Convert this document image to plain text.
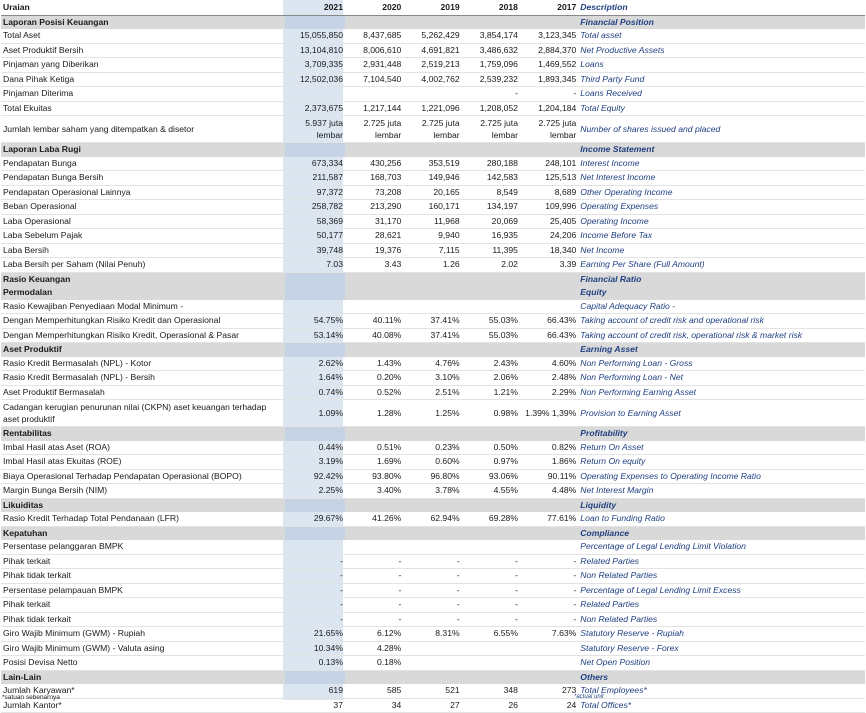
Uraian	2021	2020	2019	2018	2017	Description
Laporan Posisi Keuangan						Financial Position
Total Aset	15,055,850	8,437,685	5,262,429	3,854,174	3,123,345	Total asset
Aset Produktif Bersih	13,104,810	8,006,610	4,691,821	3,486,632	2,884,370	Net Productive Assets
Pinjaman yang Diberikan	3,709,335	2,931,448	2,519,213	1,759,096	1,469,552	Loans
Dana Pihak Ketiga	12,502,036	7,104,540	4,002,762	2,539,232	1,893,345	Third Party Fund
Pinjaman Diterima				-	-	Loans Received
Total Ekuitas	2,373,675	1,217,144	1,221,096	1,208,052	1,204,184	Total Equity
Jumlah lembar saham yang ditempatkan & disetor	5.937 juta lembar	2.725 juta lembar	2.725 juta lembar	2.725 juta lembar	2.725 juta lembar	Number of shares issued and placed
Laporan Laba Rugi						Income Statement
Pendapatan Bunga	673,334	430,256	353,519	280,188	248,101	Interest Income
Pendapatan Bunga Bersih	211,587	168,703	149,946	142,583	125,513	Net Interest Income
Pendapatan Operasional Lainnya	97,372	73,208	20,165	8,549	8,689	Other Operating Income
Beban Operasional	258,782	213,290	160,171	134,197	109,996	Operating Expenses
Laba Operasional	58,369	31,170	11,968	20,069	25,405	Operating Income
Laba Sebelum Pajak	50,177	28,621	9,940	16,935	24,206	Income Before Tax
Laba Bersih	39,748	19,376	7,115	11,395	18,340	Net Income
Laba Bersih per Saham (Nilai Penuh)	7.03	3.43	1.26	2.02	3.39	Earning Per Share (Full Amount)
Rasio Keuangan						Financial Ratio
Permodalan						Equity
Rasio Kewajiban Penyediaan Modal Minimum -						Capital Adequacy Ratio -
Dengan Memperhitungkan Risiko Kredit dan Operasional	54.75%	40.11%	37.41%	55.03%	66.43%	Taking account of credit risk and operational risk
Dengan Memperhitungkan Risiko Kredit, Operasional & Pasar	53.14%	40.08%	37.41%	55.03%	66.43%	Taking account of credit risk, operational risk & market risk
Aset Produktif						Earning Asset
Rasio Kredit Bermasalah (NPL) - Kotor	2.62%	1.43%	4.76%	2.43%	4.60%	Non Performing Loan - Gross
Rasio Kredit Bermasalah (NPL) - Bersih	1.64%	0.20%	3.10%	2.06%	2.48%	Non Performing Loan - Net
Aset Produktif Bermasalah	0.74%	0.52%	2.51%	1.21%	2.29%	Non Performing Earning Asset
Cadangan kerugian penurunan nilai (CKPN) aset keuangan terhadap aset produktif	1.09%	1.28%	1.25%	0.98%	1.39% 1,39%	Provision to Earning Asset
Rentabilitas						Profitability
Imbal Hasil atas Aset (ROA)	0.44%	0.51%	0.23%	0.50%	0.82%	Return On Asset
Imbal Hasil atas Ekuitas (ROE)	3.19%	1.69%	0.60%	0.97%	1.86%	Return On equity
Biaya Operasional Terhadap Pendapatan Operasional (BOPO)	92.42%	93.80%	96.80%	93.06%	90.11%	Operating Expenses to Operating Income Ratio
Margin Bunga Bersih (NIM)	2.25%	3.40%	3.78%	4.55%	4.48%	Net Interest Margin
Likuiditas						Liquidity
Rasio Kredit Terhadap Total Pendanaan (LFR)	29.67%	41.26%	62.94%	69.28%	77.61%	Loan to Funding Ratio
Kepatuhan						Compliance
Persentase pelanggaran BMPK						Percentage of Legal Lending Limit Violation
Pihak terkait	-	-	-	-	-	Related Parties
Pihak tidak terkait	-	-	-	-	-	Non Related Parties
Persentase pelampauan BMPK	-	-	-	-	-	Percentage of Legal Lending Limit Excess
Pihak terkait	-	-	-	-	-	Related Parties
Pihak tidak terkait	-	-	-	-	-	Non Related Parties
Giro Wajib Minimum (GWM) - Rupiah	21.65%	6.12%	8.31%	6.55%	7.63%	Statutory Reserve - Rupiah
Giro Wajib Minimum (GWM) - Valuta asing	10.34%	4.28%				Statutory Reserve - Forex
Posisi Devisa Netto	0.13%	0.18%				Net Open Position
Lain-Lain						Others
Jumlah Karyawan*	619	585	521	348	273	Total Employees*
Jumlah Kantor*	37	34	27	26	24	Total Offices*
*satuan sebenarnya	*actual unit
